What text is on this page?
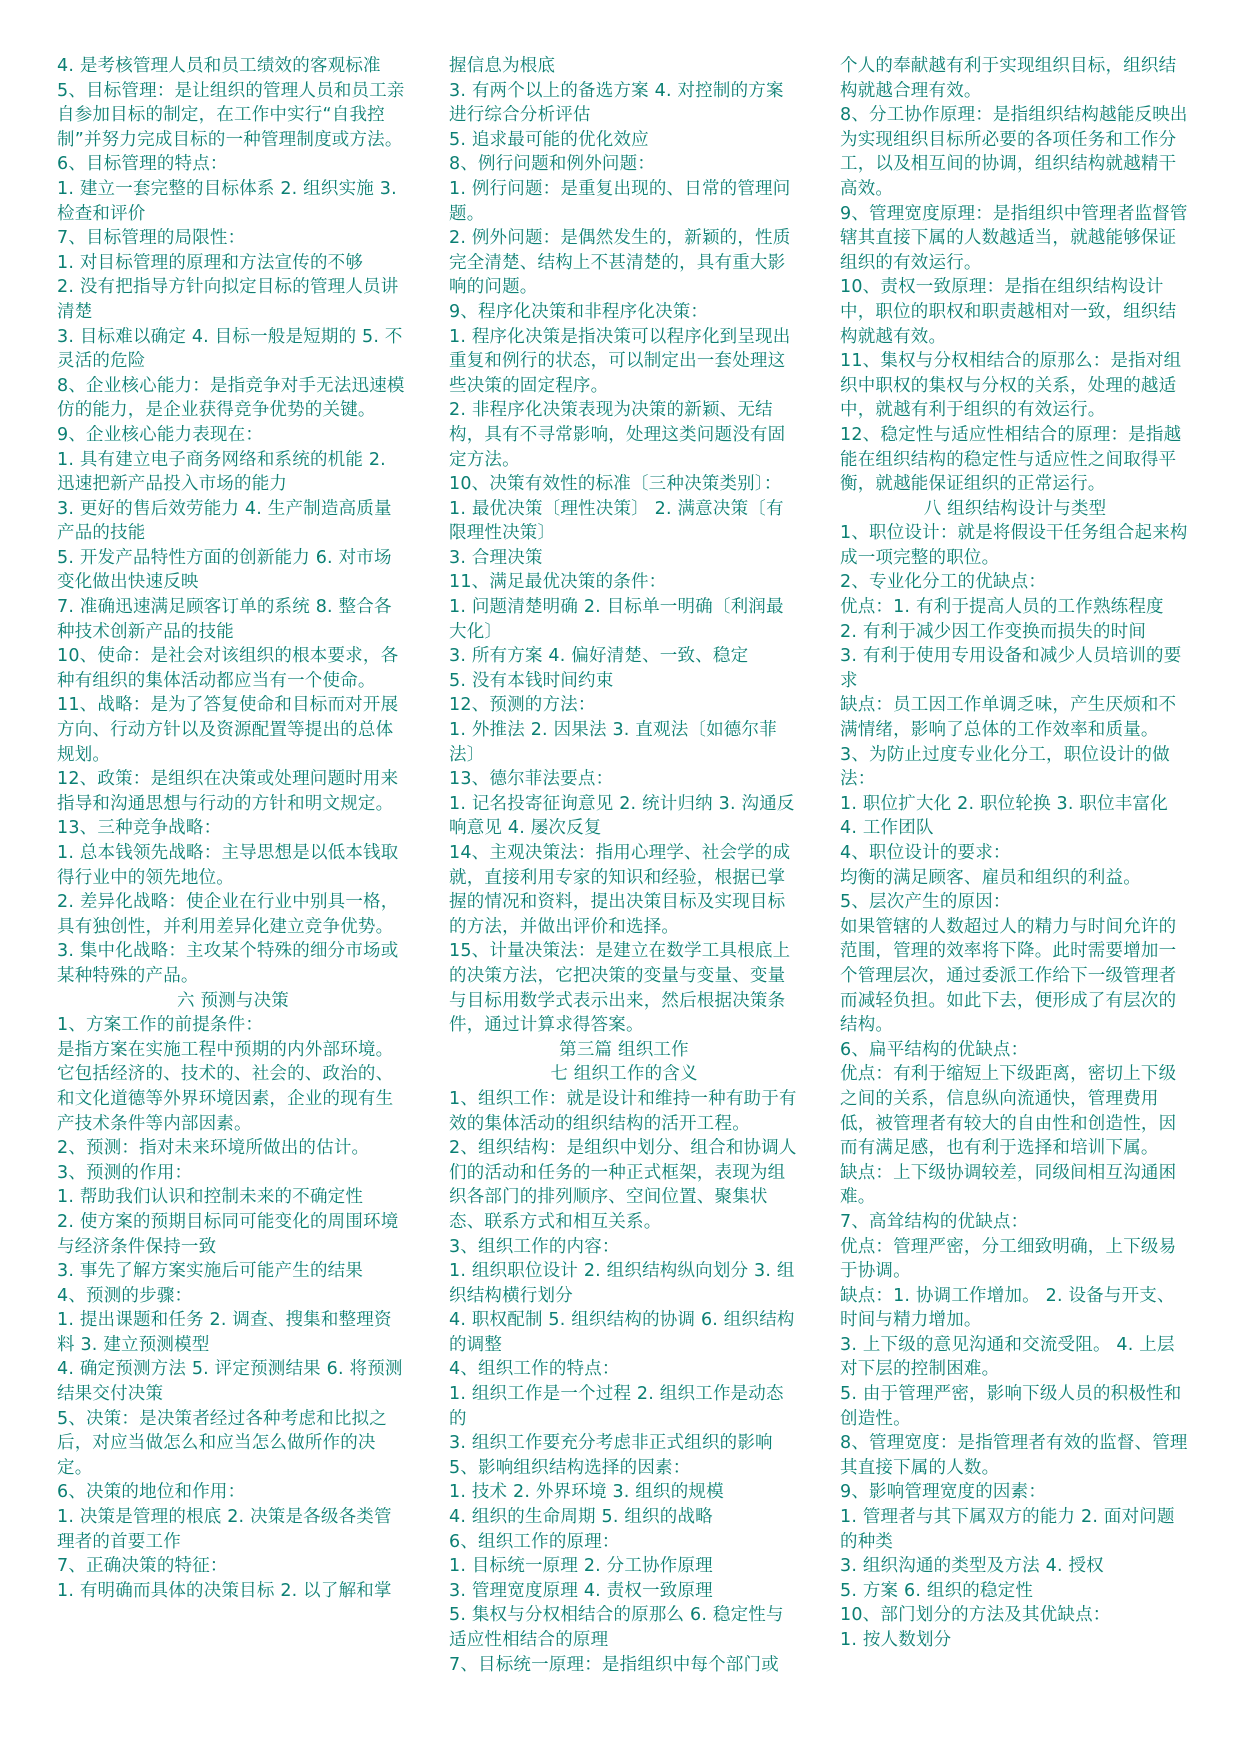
4. 是考核管理人员和员工绩效的客观标准

5、目标管理：是让组织的管理人员和员工亲自参加目标的制定，在工作中实行“自我控制”并努力完成目标的一种管理制度或方法。

6、目标管理的特点：

1. 建立一套完整的目标体系 2. 组织实施 3. 检查和评价

7、目标管理的局限性：

1. 对目标管理的原理和方法宣传的不够

2. 没有把指导方针向拟定目标的管理人员讲清楚

3. 目标难以确定 4. 目标一般是短期的 5. 不灵活的危险

8、企业核心能力：是指竞争对手无法迅速模仿的能力，是企业获得竞争优势的关键。

9、企业核心能力表现在：

1. 具有建立电子商务网络和系统的机能 2. 迅速把新产品投入市场的能力

3. 更好的售后效劳能力 4. 生产制造高质量产品的技能

5. 开发产品特性方面的创新能力 6. 对市场变化做出快速反映

7. 准确迅速满足顾客订单的系统 8. 整合各种技术创新产品的技能

10、使命：是社会对该组织的根本要求，各种有组织的集体活动都应当有一个使命。

11、战略：是为了答复使命和目标而对开展方向、行动方针以及资源配置等提出的总体规划。

12、政策：是组织在决策或处理问题时用来指导和沟通思想与行动的方针和明文规定。

13、三种竞争战略：

1. 总本钱领先战略：主导思想是以低本钱取得行业中的领先地位。

2. 差异化战略：使企业在行业中别具一格，具有独创性，并利用差异化建立竞争优势。

3. 集中化战略：主攻某个特殊的细分市场或某种特殊的产品。

六 预测与决策

1、方案工作的前提条件：

是指方案在实施工程中预期的内外部环境。它包括经济的、技术的、社会的、政治的、和文化道德等外界环境因素，企业的现有生产技术条件等内部因素。

2、预测：指对未来环境所做出的估计。

3、预测的作用：

1. 帮助我们认识和控制未来的不确定性

2. 使方案的预期目标同可能变化的周围环境与经济条件保持一致

3. 事先了解方案实施后可能产生的结果

4、预测的步骤：

1. 提出课题和任务 2. 调查、搜集和整理资料 3. 建立预测模型

4. 确定预测方法 5. 评定预测结果 6. 将预测结果交付决策

5、决策：是决策者经过各种考虑和比拟之后，对应当做怎么和应当怎么做所作的决定。

6、决策的地位和作用：

1. 决策是管理的根底 2. 决策是各级各类管理者的首要工作

7、正确决策的特征：

1. 有明确而具体的决策目标 2. 以了解和掌

握信息为根底

3. 有两个以上的备选方案 4. 对控制的方案进行综合分析评估

5. 追求最可能的优化效应

8、例行问题和例外问题：

1. 例行问题：是重复出现的、日常的管理问题。

2. 例外问题：是偶然发生的，新颖的，性质完全清楚、结构上不甚清楚的，具有重大影响的问题。

9、程序化决策和非程序化决策：

1. 程序化决策是指决策可以程序化到呈现出重复和例行的状态，可以制定出一套处理这些决策的固定程序。

2. 非程序化决策表现为决策的新颖、无结构，具有不寻常影响，处理这类问题没有固定方法。

10、决策有效性的标准〔三种决策类别〕：

1. 最优决策〔理性决策〕 2. 满意决策〔有限理性决策〕

3. 合理决策

11、满足最优决策的条件：

1. 问题清楚明确 2. 目标单一明确〔利润最大化〕

3. 所有方案 4. 偏好清楚、一致、稳定

5. 没有本钱时间约束

12、预测的方法：

1. 外推法 2. 因果法 3. 直观法〔如德尔菲法〕

13、德尔菲法要点：

1. 记名投寄征询意见 2. 统计归纳 3. 沟通反响意见 4. 屡次反复

14、主观决策法：指用心理学、社会学的成就，直接利用专家的知识和经验，根据已掌握的情况和资料，提出决策目标及实现目标的方法，并做出评价和选择。

15、计量决策法：是建立在数学工具根底上的决策方法，它把决策的变量与变量、变量与目标用数学式表示出来，然后根据决策条件，通过计算求得答案。

第三篇 组织工作

七 组织工作的含义

1、组织工作：就是设计和维持一种有助于有效的集体活动的组织结构的活开工程。

2、组织结构：是组织中划分、组合和协调人们的活动和任务的一种正式框架，表现为组织各部门的排列顺序、空间位置、聚集状态、联系方式和相互关系。

3、组织工作的内容：

1. 组织职位设计 2. 组织结构纵向划分 3. 组织结构横行划分

4. 职权配制 5. 组织结构的协调 6. 组织结构的调整

4、组织工作的特点：

1. 组织工作是一个过程 2. 组织工作是动态的

3. 组织工作要充分考虑非正式组织的影响

5、影响组织结构选择的因素：

1. 技术 2. 外界环境 3. 组织的规模

4. 组织的生命周期 5. 组织的战略

6、组织工作的原理：

1. 目标统一原理 2. 分工协作原理

3. 管理宽度原理 4. 责权一致原理

5. 集权与分权相结合的原那么 6. 稳定性与适应性相结合的原理

7、目标统一原理：是指组织中每个部门或

个人的奉献越有利于实现组织目标，组织结构就越合理有效。

8、分工协作原理：是指组织结构越能反映出为实现组织目标所必要的各项任务和工作分工，以及相互间的协调，组织结构就越精干高效。

9、管理宽度原理：是指组织中管理者监督管辖其直接下属的人数越适当，就越能够保证组织的有效运行。

10、责权一致原理：是指在组织结构设计中，职位的职权和职责越相对一致，组织结构就越有效。

11、集权与分权相结合的原那么：是指对组织中职权的集权与分权的关系，处理的越适中，就越有利于组织的有效运行。

12、稳定性与适应性相结合的原理：是指越能在组织结构的稳定性与适应性之间取得平衡，就越能保证组织的正常运行。

八 组织结构设计与类型

1、职位设计：就是将假设干任务组合起来构成一项完整的职位。

2、专业化分工的优缺点：

优点：1. 有利于提高人员的工作熟练程度

2. 有利于减少因工作变换而损失的时间

3. 有利于使用专用设备和减少人员培训的要求

缺点：员工因工作单调乏味，产生厌烦和不满情绪，影响了总体的工作效率和质量。

3、为防止过度专业化分工，职位设计的做法：

1. 职位扩大化 2. 职位轮换 3. 职位丰富化 4. 工作团队

4、职位设计的要求：

均衡的满足顾客、雇员和组织的利益。

5、层次产生的原因：

如果管辖的人数超过人的精力与时间允许的范围，管理的效率将下降。此时需要增加一个管理层次，通过委派工作给下一级管理者而减轻负担。如此下去，便形成了有层次的结构。

6、扁平结构的优缺点：

优点：有利于缩短上下级距离，密切上下级之间的关系，信息纵向流通快，管理费用低，被管理者有较大的自由性和创造性，因而有满足感，也有利于选择和培训下属。

缺点：上下级协调较差，同级间相互沟通困难。

7、高耸结构的优缺点：

优点：管理严密，分工细致明确，上下级易于协调。

缺点：1. 协调工作增加。 2. 设备与开支、时间与精力增加。

3. 上下级的意见沟通和交流受阻。 4. 上层对下层的控制困难。

5. 由于管理严密，影响下级人员的积极性和创造性。

8、管理宽度：是指管理者有效的监督、管理其直接下属的人数。

9、影响管理宽度的因素：

1. 管理者与其下属双方的能力 2. 面对问题的种类

3. 组织沟通的类型及方法 4. 授权

5. 方案 6. 组织的稳定性

10、部门划分的方法及其优缺点：

1. 按人数划分
